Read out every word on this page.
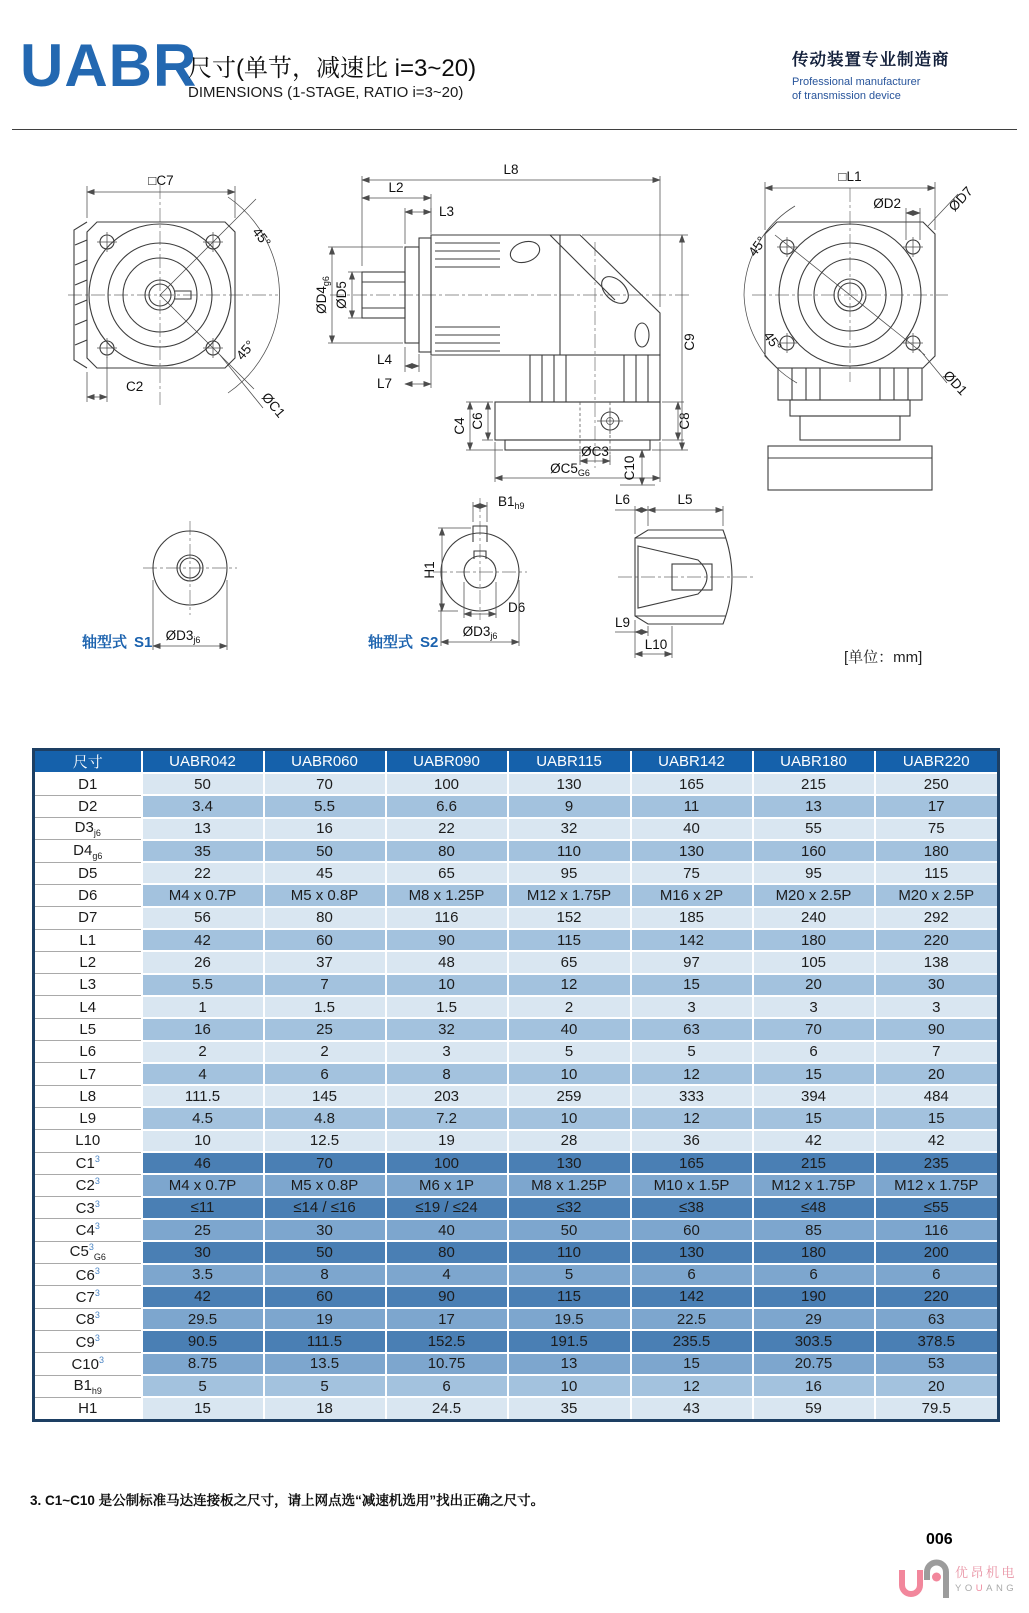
UABR
尺寸(单节，减速比 i=3~20)
DIMENSIONS (1-STAGE, RATIO i=3~20)
传动装置专业制造商
Professional manufacturer
of transmission device
45°
45°
□C7
C2
ØC1
L8
L2
L3
$ØD4_{g6}$ ØD5
L4
L7
C4 C6
ØC3
$ØC5_{G6}$
C8
C10
C9
45°
45°
□L1
ØD2	ØD7
ØD1
$ØD3_{j6}$
轴型式 S1
$B1_{h9}$
H1
D6
$ØD3_{j6}$
轴型式 S2
L6	L5
L9
L10
[单位：mm]
尺寸	UABR042	UABR060	UABR090	UABR115	UABR142	UABR180	UABR220
D1	50	70	100	130	165	215	250
D2	3.4	5.5	6.6	9	11	13	17
$D3_{j6}$	13	16	22	32	40	55	75
$D4_{g6}$	35	50	80	110	130	160	180
D5	22	45	65	95	75	95	115
D6	M4 x 0.7P	M5 x 0.8P	M8 x 1.25P	M12 x 1.75P	M16 x 2P	M20 x 2.5P	M20 x 2.5P
D7	56	80	116	152	185	240	292
L1	42	60	90	115	142	180	220
L2	26	37	48	65	97	105	138
L3	5.5	7	10	12	15	20	30
L4	1	1.5	1.5	2	3	3	3
L5	16	25	32	40	63	70	90
L6	2	2	3	5	5	6	7
L7	4	6	8	10	12	15	20
L8	111.5	145	203	259	333	394	484
L9	4.5	4.8	7.2	10	12	15	15
L10	10	12.5	19	28	36	42	42
$C1^3$	46	70	100	130	165	215	235
$C2^3$	M4 x 0.7P	M5 x 0.8P	M6 x 1P	M8 x 1.25P	M10 x 1.5P	M12 x 1.75P	M12 x 1.75P
$C3^3$	≤11	≤14 / ≤16	≤19 / ≤24	≤32	≤38	≤48	≤55
$C4^3$	25	30	40	50	60	85	116
$C5^3_{G6}$	30	50	80	110	130	180	200
$C6^3$	3.5	8	4	5	6	6	6
$C7^3$	42	60	90	115	142	190	220
$C8^3$	29.5	19	17	19.5	22.5	29	63
$C9^3$	90.5	111.5	152.5	191.5	235.5	303.5	378.5
$C10^3$	8.75	13.5	10.75	13	15	20.75	53
$B1_{h9}$	5	5	6	10	12	16	20
H1	15	18	24.5	35	43	59	79.5
3. C1~C10 是公制标准马达连接板之尺寸，请上网点选“减速机选用”找出正确之尺寸。
006
优昂机电
YOUANG
